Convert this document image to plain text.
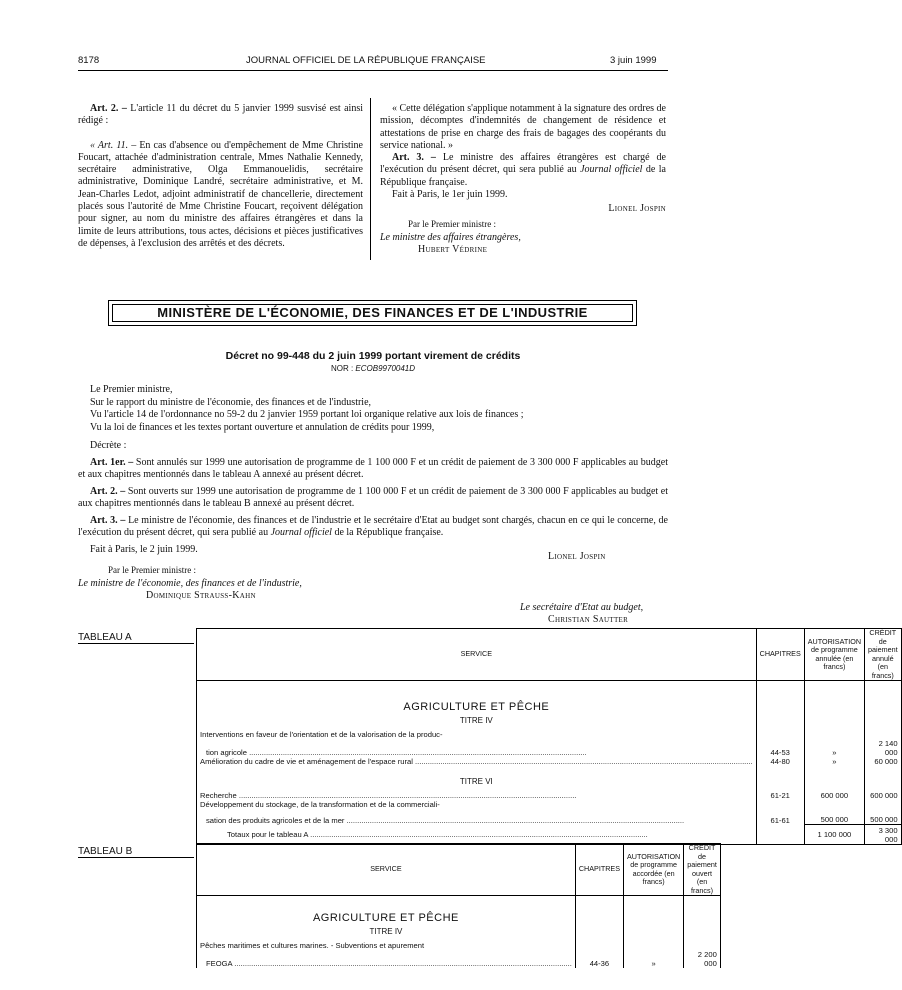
8178	JOURNAL OFFICIEL DE LA RÉPUBLIQUE FRANÇAISE	3 juin 1999

Art. 2. – L'article 11 du décret du 5 janvier 1999 susvisé est ainsi rédigé :

« Art. 11. – En cas d'absence ou d'empêchement de Mme Christine Foucart, attachée d'administration centrale, Mmes Nathalie Kennedy, secrétaire administrative, Olga Emmanouelidis, secrétaire administrative, Dominique Landré, secrétaire administrative, et M. Jean-Charles Ledot, adjoint administratif de chancellerie, directement placés sous l'autorité de Mme Christine Foucart, reçoivent délégation pour signer, au nom du ministre des affaires étrangères et dans la limite de leurs attributions, tous actes, décisions et pièces justificatives de dépenses, à l'exclusion des arrêtés et des décrets.

« Cette délégation s'applique notamment à la signature des ordres de mission, décomptes d'indemnités de changement de résidence et attestations de prise en charge des frais de bagages des coopérants du service national. »

Art. 3. – Le ministre des affaires étrangères est chargé de l'exécution du présent décret, qui sera publié au Journal officiel de la République française.

Fait à Paris, le 1er juin 1999.

Lionel Jospin

Par le Premier ministre :

Le ministre des affaires étrangères,

Hubert Védrine

MINISTÈRE DE L'ÉCONOMIE, DES FINANCES ET DE L'INDUSTRIE
Décret no 99-448 du 2 juin 1999 portant virement de crédits
NOR : ECOB9970041D

Le Premier ministre,

Sur le rapport du ministre de l'économie, des finances et de l'industrie,

Vu l'article 14 de l'ordonnance no 59-2 du 2 janvier 1959 portant loi organique relative aux lois de finances ;

Vu la loi de finances et les textes portant ouverture et annulation de crédits pour 1999,

Décrète :

Art. 1er. – Sont annulés sur 1999 une autorisation de programme de 1 100 000 F et un crédit de paiement de 3 300 000 F applicables au budget et aux chapitres mentionnés dans le tableau A annexé au présent décret.

Art. 2. – Sont ouverts sur 1999 une autorisation de programme de 1 100 000 F et un crédit de paiement de 3 300 000 F applicables au budget et aux chapitres mentionnés dans le tableau B annexé au présent décret.

Art. 3. – Le ministre de l'économie, des finances et de l'industrie et le secrétaire d'Etat au budget sont chargés, chacun en ce qui le concerne, de l'exécution du présent décret, qui sera publié au Journal officiel de la République française.

Fait à Paris, le 2 juin 1999.

Lionel Jospin
Par le Premier ministre :
Le ministre de l'économie, des finances et de l'industrie,
Dominique Strauss-Kahn
Le secrétaire d'Etat au budget,
Christian Sautter
TABLEAU A
SERVICE	CHAPITRES	AUTORISATION de programme annulée (en francs)	CRÉDIT de paiement annulé (en francs)
AGRICULTURE ET PÊCHE			
TITRE IV			
Interventions en faveur de l'orientation et de la valorisation de la produc-			
tion agricole .....	44-53	»	2 140 000
Amélioration du cadre de vie et aménagement de l'espace rural .....	44-80	»	60 000
TITRE VI			
Recherche .....	61-21	600 000	600 000
Développement du stockage, de la transformation et de la commerciali-			
sation des produits agricoles et de la mer .....	61-61	500 000	500 000
Totaux pour le tableau A .....		1 100 000	3 300 000
TABLEAU B
SERVICE	CHAPITRES	AUTORISATION de programme accordée (en francs)	CRÉDIT de paiement ouvert (en francs)
AGRICULTURE ET PÊCHE			
TITRE IV			
Pêches maritimes et cultures marines. - Subventions et apurement			
FEOGA .....	44-36	»	2 200 000
